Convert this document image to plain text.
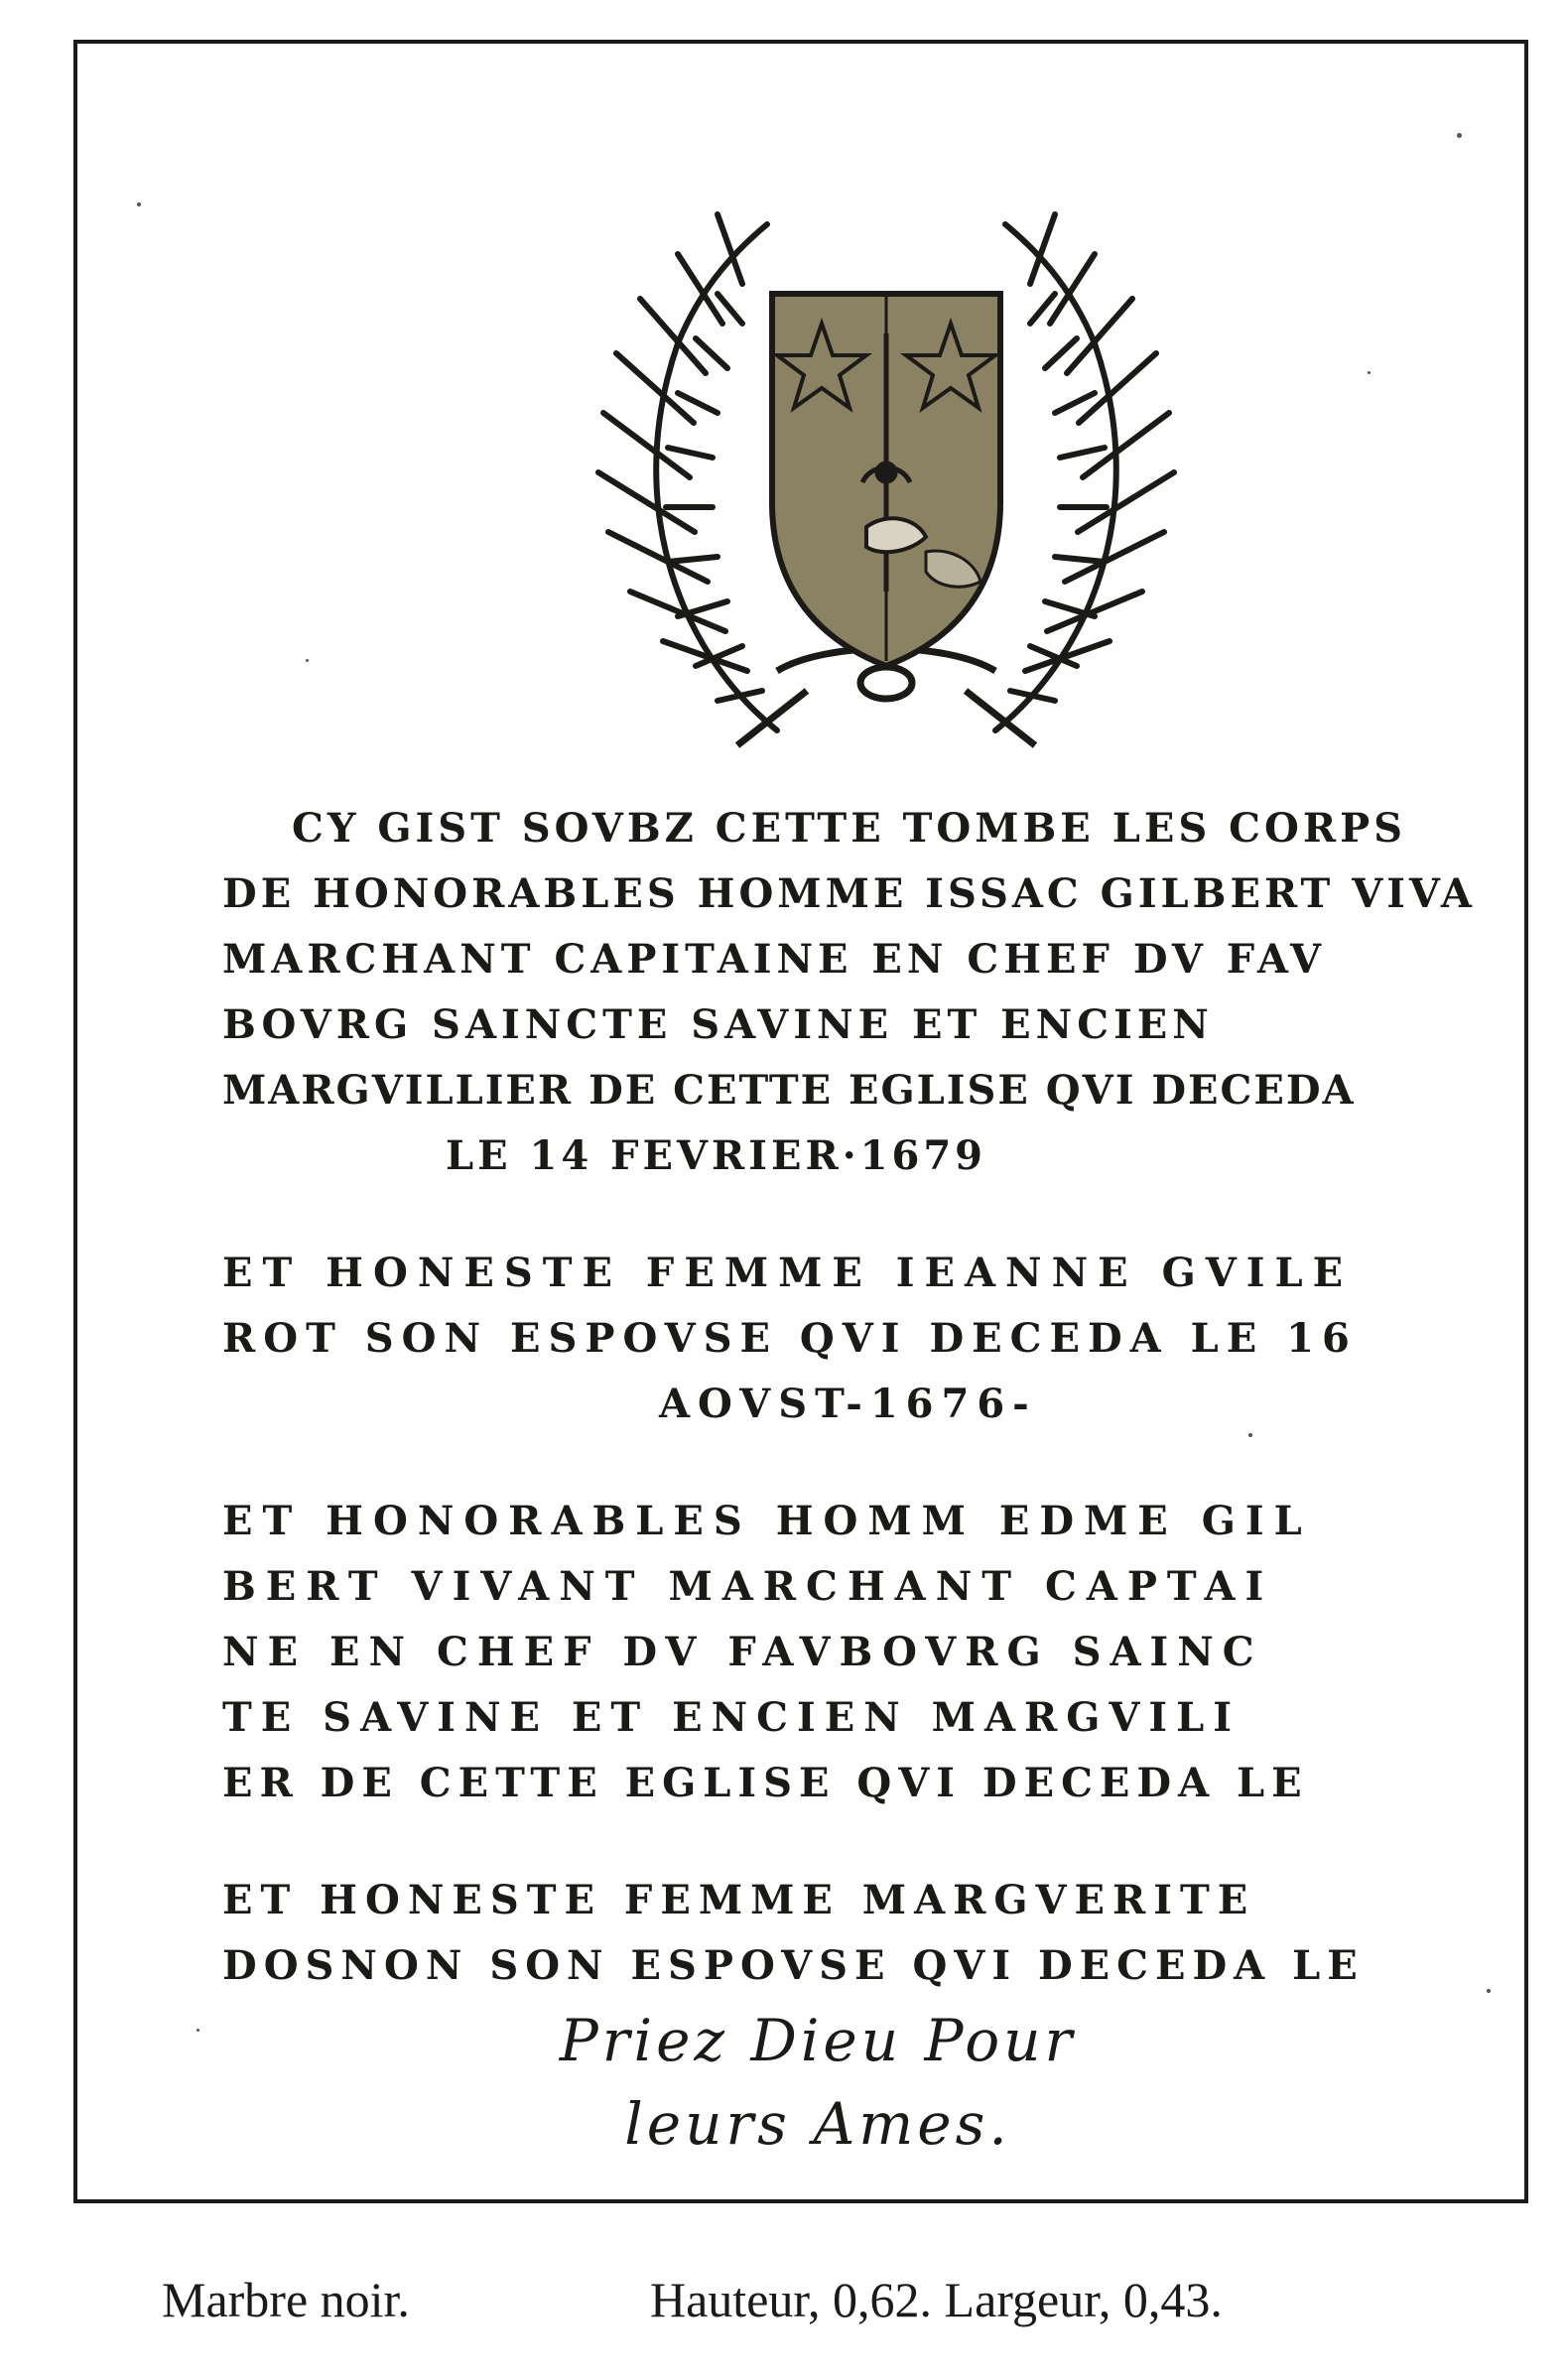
CY GIST SOVBZ CETTE TOMBE LES CORPS
DE HONORABLES HOMME ISSAC GILBERT VIVA
MARCHANT CAPITAINE EN CHEF DV FAV
BOVRG SAINCTE SAVINE ET ENCIEN
MARGVILLIER DE CETTE EGLISE QVI DECEDA
LE 14 FEVRIER·1679
ET HONESTE FEMME IEANNE GVILE
ROT SON ESPOVSE QVI DECEDA LE 16
AOVST-1676-
ET HONORABLES HOMM EDME GIL
BERT VIVANT MARCHANT CAPTAI
NE EN CHEF DV FAVBOVRG SAINC
TE SAVINE ET ENCIEN MARGVILI
ER DE CETTE EGLISE QVI DECEDA LE
ET HONESTE FEMME MARGVERITE
DOSNON SON ESPOVSE QVI DECEDA LE
Priez Dieu Pour
leurs Ames.
Marbre noir.	Hauteur, 0,62. Largeur, 0,43.
